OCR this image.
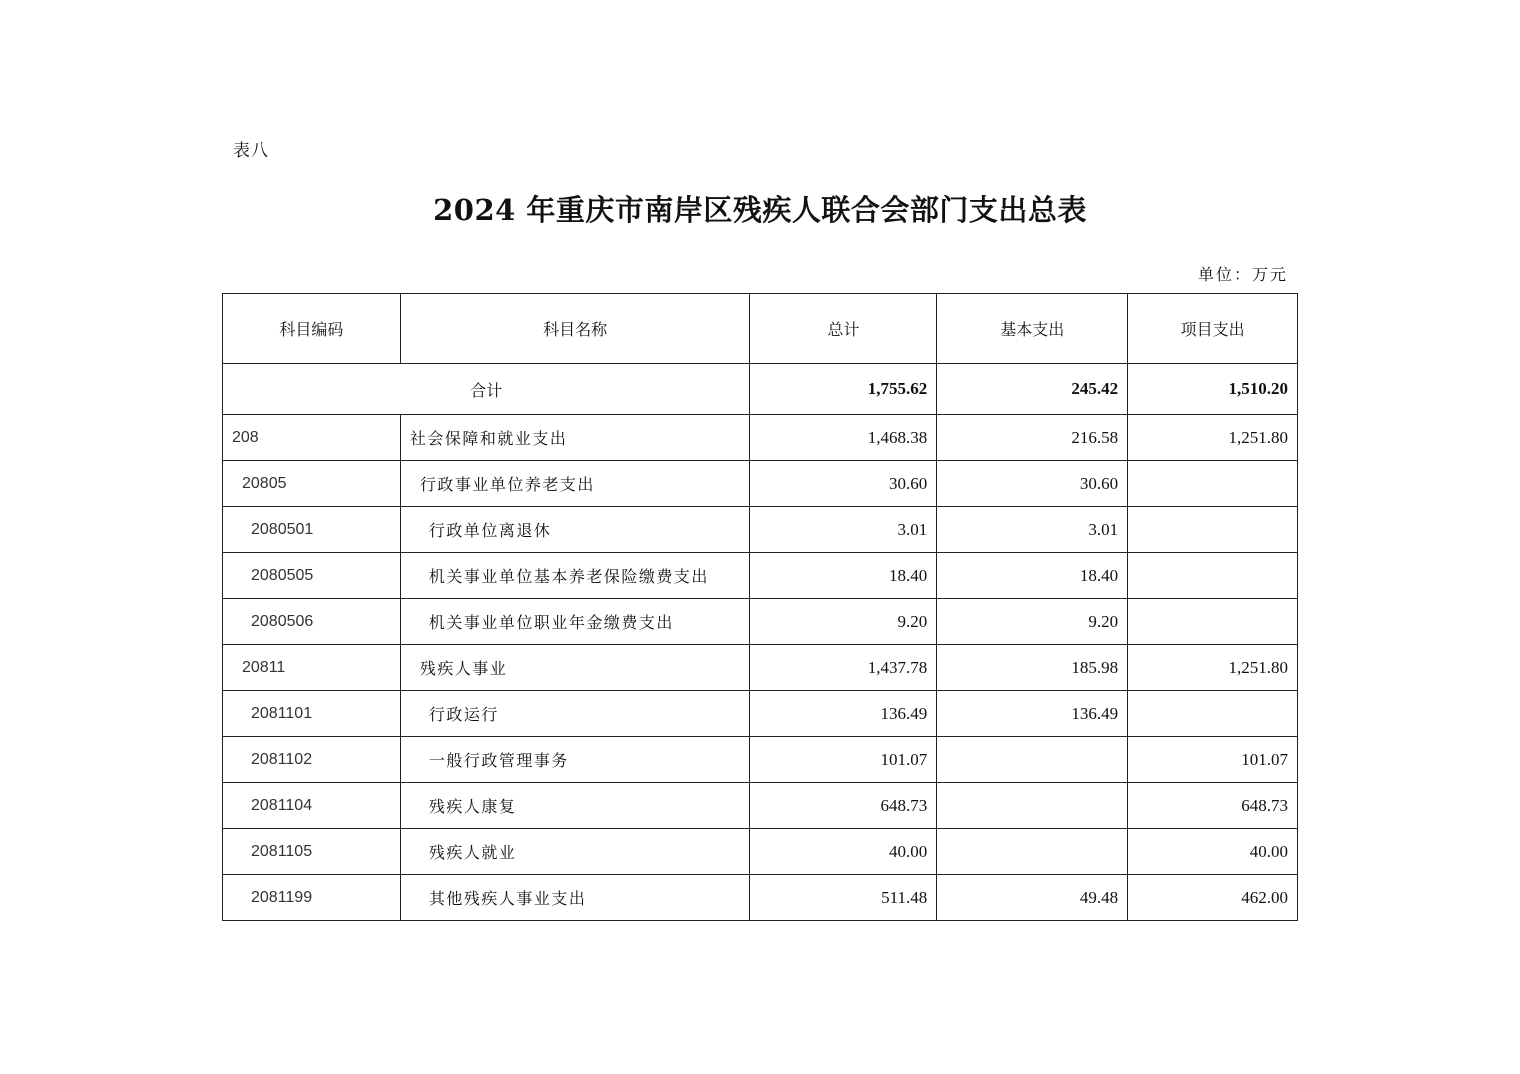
表八
2024 年重庆市南岸区残疾人联合会部门支出总表
单位：万元
科目编码	科目名称	总计	基本支出	项目支出
合计		1,755.62	245.42	1,510.20
208	社会保障和就业支出	1,468.38	216.58	1,251.80
20805	行政事业单位养老支出	30.60	30.60	
2080501	行政单位离退休	3.01	3.01	
2080505	机关事业单位基本养老保险缴费支出	18.40	18.40	
2080506	机关事业单位职业年金缴费支出	9.20	9.20	
20811	残疾人事业	1,437.78	185.98	1,251.80
2081101	行政运行	136.49	136.49	
2081102	一般行政管理事务	101.07		101.07
2081104	残疾人康复	648.73		648.73
2081105	残疾人就业	40.00		40.00
2081199	其他残疾人事业支出	511.48	49.48	462.00
